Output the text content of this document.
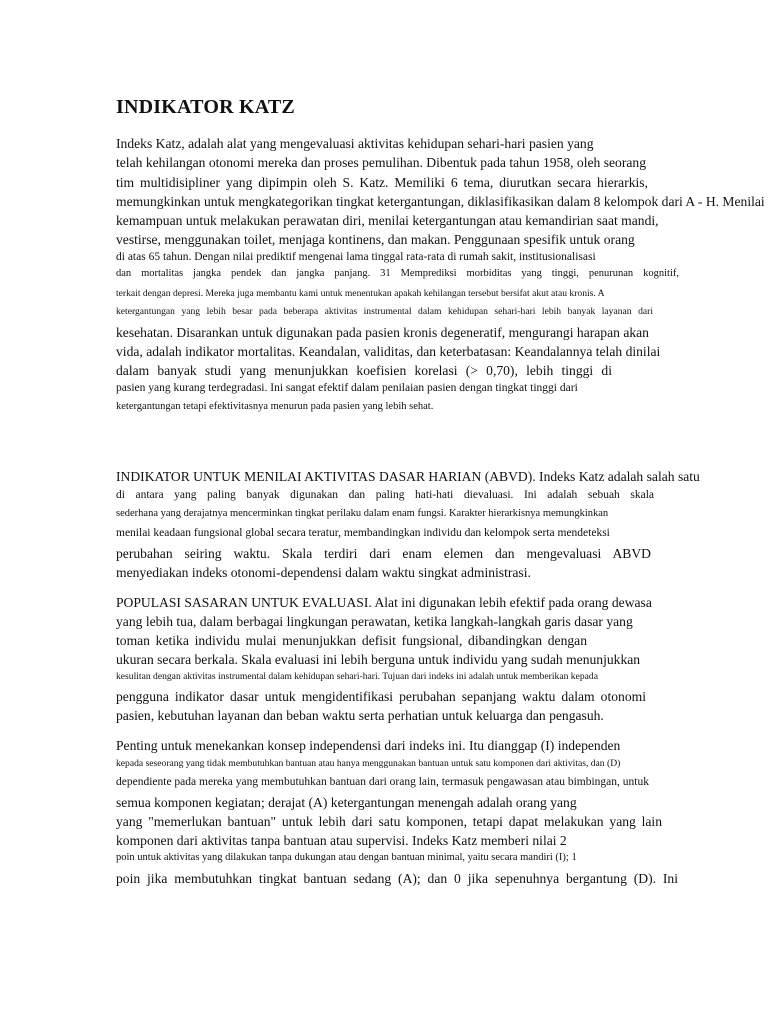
INDIKATOR KATZ
Indeks Katz, adalah alat yang mengevaluasi aktivitas kehidupan sehari-hari pasien yang
telah kehilangan otonomi mereka dan proses pemulihan. Dibentuk pada tahun 1958, oleh seorang
tim multidisipliner yang dipimpin oleh S. Katz. Memiliki 6 tema, diurutkan secara hierarkis,
memungkinkan untuk mengkategorikan tingkat ketergantungan, diklasifikasikan dalam 8 kelompok dari A - H. Menilai
kemampuan untuk melakukan perawatan diri, menilai ketergantungan atau kemandirian saat mandi,
vestirse, menggunakan toilet, menjaga kontinens, dan makan. Penggunaan spesifik untuk orang
di atas 65 tahun. Dengan nilai prediktif mengenai lama tinggal rata-rata di rumah sakit, institusionalisasi
dan mortalitas jangka pendek dan jangka panjang. 31 Memprediksi morbiditas yang tinggi, penurunan kognitif,
terkait dengan depresi. Mereka juga membantu kami untuk menentukan apakah kehilangan tersebut bersifat akut atau kronis. A
ketergantungan yang lebih besar pada beberapa aktivitas instrumental dalam kehidupan sehari-hari lebih banyak layanan dari
kesehatan. Disarankan untuk digunakan pada pasien kronis degeneratif, mengurangi harapan akan
vida, adalah indikator mortalitas. Keandalan, validitas, dan keterbatasan: Keandalannya telah dinilai
dalam banyak studi yang menunjukkan koefisien korelasi (> 0,70), lebih tinggi di
pasien yang kurang terdegradasi. Ini sangat efektif dalam penilaian pasien dengan tingkat tinggi dari
ketergantungan tetapi efektivitasnya menurun pada pasien yang lebih sehat.
INDIKATOR UNTUK MENILAI AKTIVITAS DASAR HARIAN (ABVD). Indeks Katz adalah salah satu
di antara yang paling banyak digunakan dan paling hati-hati dievaluasi. Ini adalah sebuah skala
sederhana yang derajatnya mencerminkan tingkat perilaku dalam enam fungsi. Karakter hierarkisnya memungkinkan
menilai keadaan fungsional global secara teratur, membandingkan individu dan kelompok serta mendeteksi
perubahan seiring waktu. Skala terdiri dari enam elemen dan mengevaluasi ABVD
menyediakan indeks otonomi-dependensi dalam waktu singkat administrasi.
POPULASI SASARAN UNTUK EVALUASI. Alat ini digunakan lebih efektif pada orang dewasa
yang lebih tua, dalam berbagai lingkungan perawatan, ketika langkah-langkah garis dasar yang
toman ketika individu mulai menunjukkan defisit fungsional, dibandingkan dengan
ukuran secara berkala. Skala evaluasi ini lebih berguna untuk individu yang sudah menunjukkan
kesulitan dengan aktivitas instrumental dalam kehidupan sehari-hari. Tujuan dari indeks ini adalah untuk memberikan kepada
pengguna indikator dasar untuk mengidentifikasi perubahan sepanjang waktu dalam otonomi
pasien, kebutuhan layanan dan beban waktu serta perhatian untuk keluarga dan pengasuh.
Penting untuk menekankan konsep independensi dari indeks ini. Itu dianggap (I) independen
kepada seseorang yang tidak membutuhkan bantuan atau hanya menggunakan bantuan untuk satu komponen dari aktivitas, dan (D)
dependiente pada mereka yang membutuhkan bantuan dari orang lain, termasuk pengawasan atau bimbingan, untuk
semua komponen kegiatan; derajat (A) ketergantungan menengah adalah orang yang
yang "memerlukan bantuan" untuk lebih dari satu komponen, tetapi dapat melakukan yang lain
komponen dari aktivitas tanpa bantuan atau supervisi. Indeks Katz memberi nilai 2
poin untuk aktivitas yang dilakukan tanpa dukungan atau dengan bantuan minimal, yaitu secara mandiri (I); 1
poin jika membutuhkan tingkat bantuan sedang (A); dan 0 jika sepenuhnya bergantung (D). Ini
